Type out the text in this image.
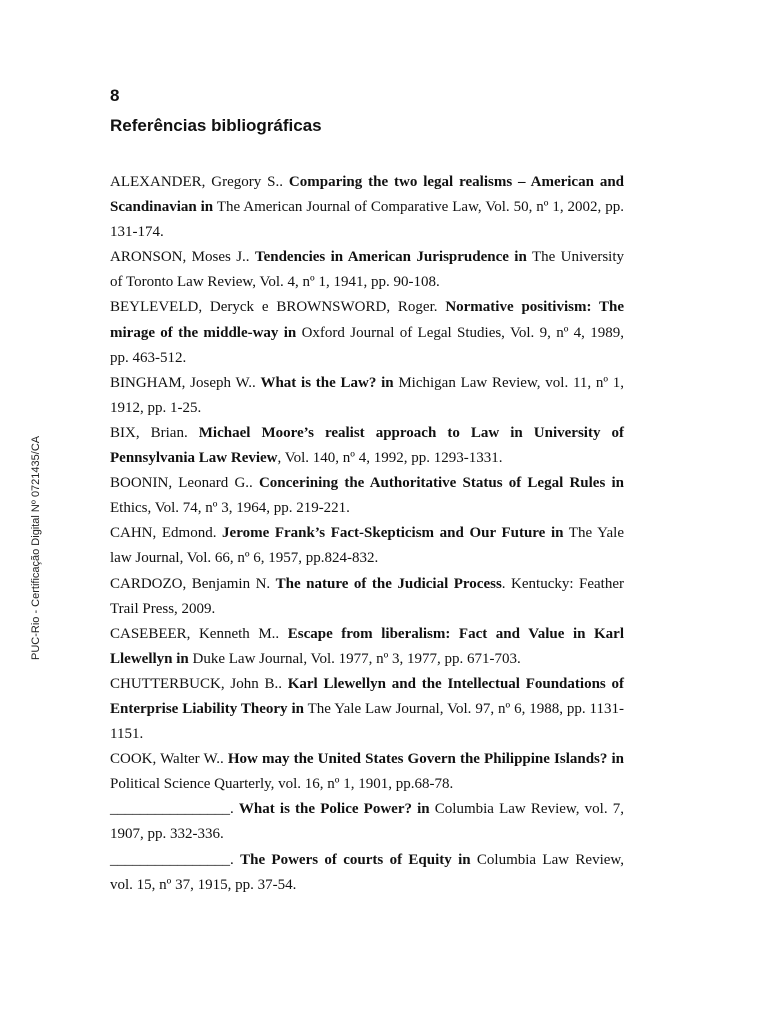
PUC-Rio - Certificação Digital Nº 0721435/CA
8
Referências bibliográficas

ALEXANDER, Gregory S.. Comparing the two legal realisms – American and Scandinavian in The American Journal of Comparative Law, Vol. 50, nº 1, 2002, pp. 131-174.

ARONSON, Moses J.. Tendencies in American Jurisprudence in The University of Toronto Law Review, Vol. 4, nº 1, 1941, pp. 90-108.

BEYLEVELD, Deryck e BROWNSWORD, Roger. Normative positivism: The mirage of the middle-way in Oxford Journal of Legal Studies, Vol. 9, nº 4, 1989, pp. 463-512.

BINGHAM, Joseph W.. What is the Law? in Michigan Law Review, vol. 11, nº 1, 1912, pp. 1-25.

BIX, Brian. Michael Moore’s realist approach to Law in University of Pennsylvania Law Review, Vol. 140, nº 4, 1992, pp. 1293-1331.

BOONIN, Leonard G.. Concerining the Authoritative Status of Legal Rules in Ethics, Vol. 74, nº 3, 1964, pp. 219-221.

CAHN, Edmond. Jerome Frank’s Fact-Skepticism and Our Future in The Yale law Journal, Vol. 66, nº 6, 1957, pp.824-832.

CARDOZO, Benjamin N. The nature of the Judicial Process. Kentucky: Feather Trail Press, 2009.

CASEBEER, Kenneth M.. Escape from liberalism: Fact and Value in Karl Llewellyn in Duke Law Journal, Vol. 1977, nº 3, 1977, pp. 671-703.

CHUTTERBUCK, John B.. Karl Llewellyn and the Intellectual Foundations of Enterprise Liability Theory in The Yale Law Journal, Vol. 97, nº 6, 1988, pp. 1131-1151.

COOK, Walter W.. How may the United States Govern the Philippine Islands? in Political Science Quarterly, vol. 16, nº 1, 1901, pp.68-78.

________________. What is the Police Power? in Columbia Law Review, vol. 7, 1907, pp. 332-336.

________________. The Powers of courts of Equity in Columbia Law Review, vol. 15, nº 37, 1915, pp. 37-54.
